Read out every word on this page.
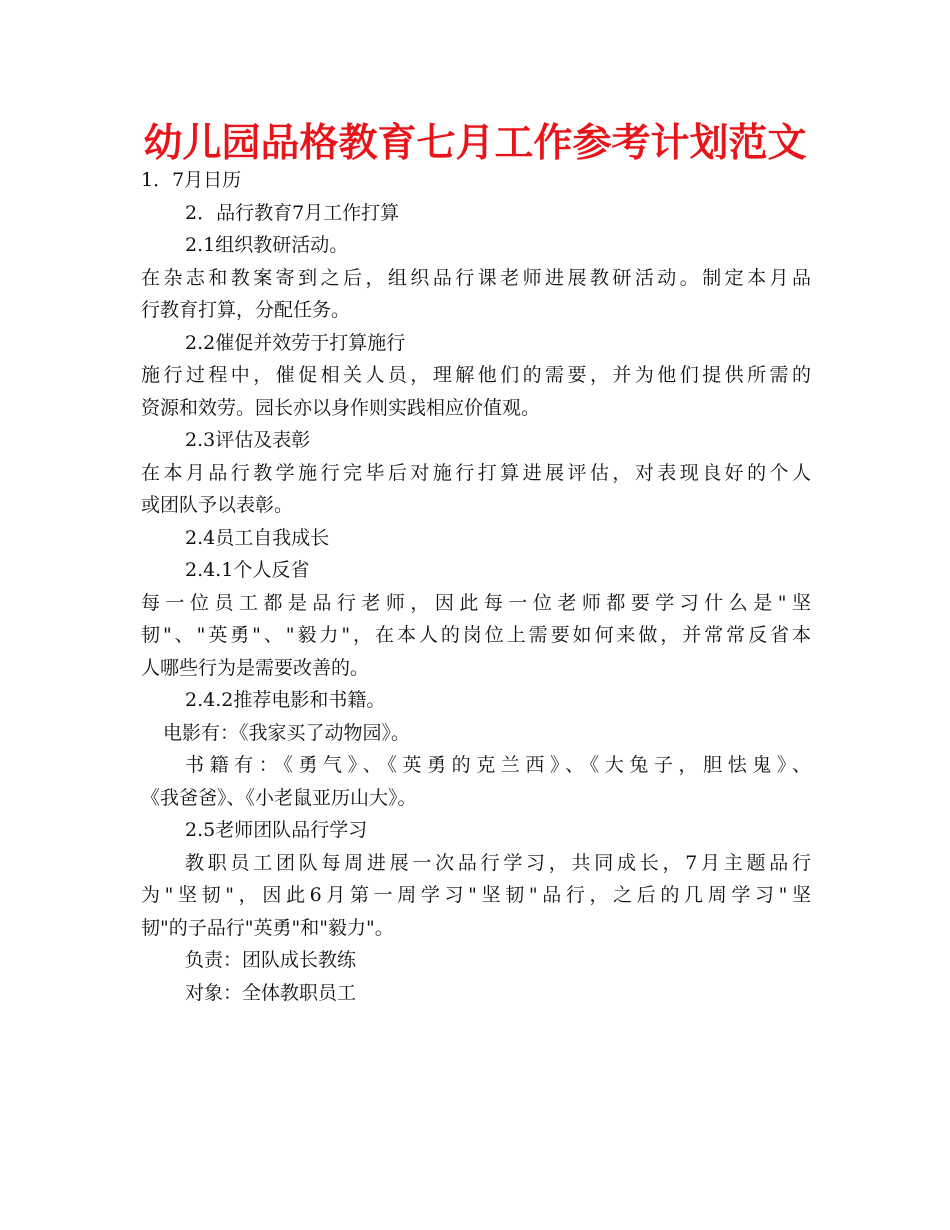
幼儿园品格教育七月工作参考计划范文
1．7月日历
2．品行教育7月工作打算
2.1组织教研活动。
在杂志和教案寄到之后，组织品行课老师进展教研活动。制定本月品
行教育打算，分配任务。
2.2催促并效劳于打算施行
施行过程中，催促相关人员，理解他们的需要，并为他们提供所需的
资源和效劳。园长亦以身作则实践相应价值观。
2.3评估及表彰
在本月品行教学施行完毕后对施行打算进展评估，对表现良好的个人
或团队予以表彰。
2.4员工自我成长
2.4.1个人反省
每一位员工都是品行老师，因此每一位老师都要学习什么是"坚
韧"、"英勇"、"毅力"，在本人的岗位上需要如何来做，并常常反省本
人哪些行为是需要改善的。
2.4.2推荐电影和书籍。
电影有：《我家买了动物园》。
书籍有：《勇气》、《英勇的克兰西》、《大兔子，胆怯鬼》、
《我爸爸》、《小老鼠亚历山大》。
2.5老师团队品行学习
教职员工团队每周进展一次品行学习，共同成长，7月主题品行
为"坚韧"，因此6月第一周学习"坚韧"品行，之后的几周学习"坚
韧"的子品行"英勇"和"毅力"。
负责：团队成长教练
对象：全体教职员工
